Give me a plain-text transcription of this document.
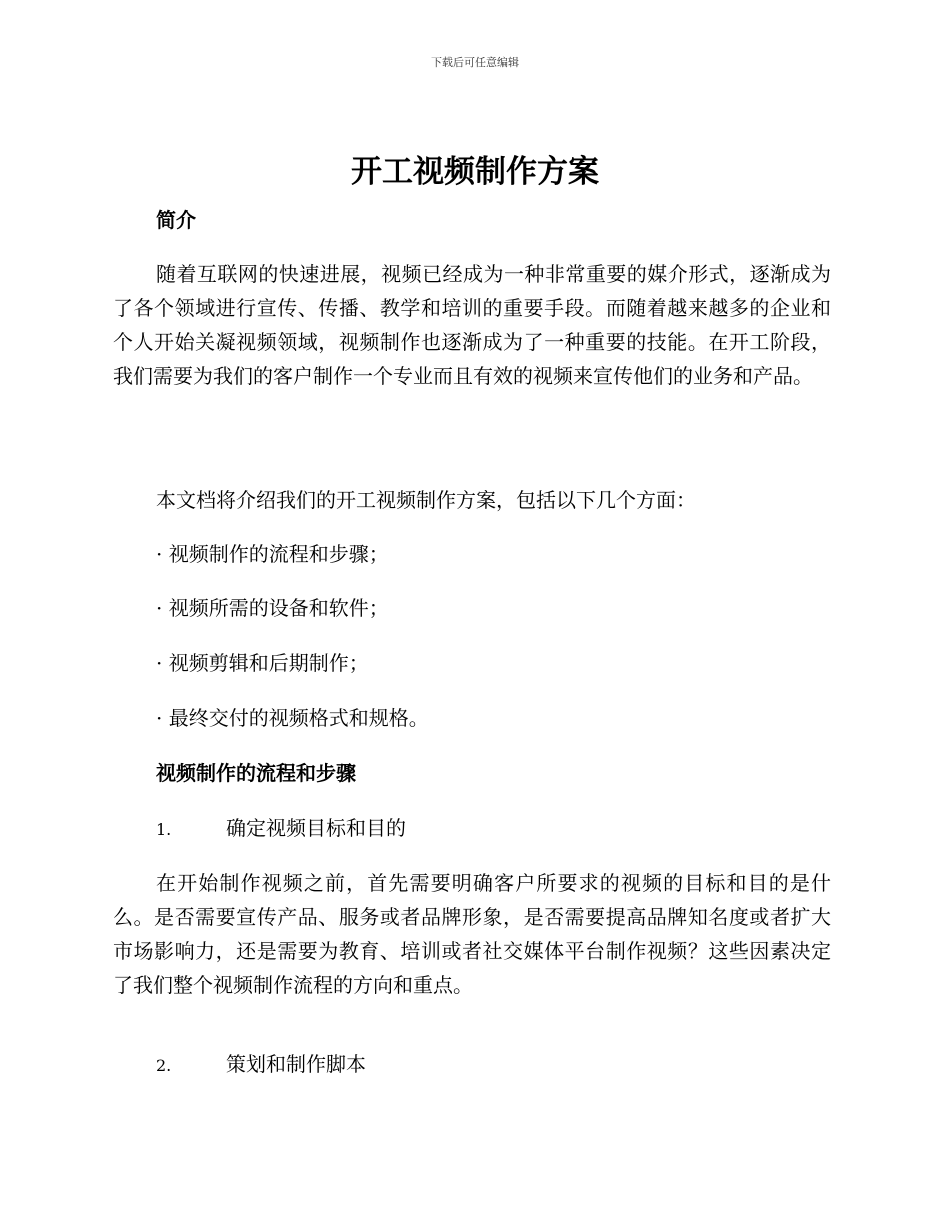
下载后可任意编辑
开工视频制作方案
简介

随着互联网的快速进展，视频已经成为一种非常重要的媒介形式，逐渐成为了各个领域进行宣传、传播、教学和培训的重要手段。而随着越来越多的企业和个人开始关凝视频领域，视频制作也逐渐成为了一种重要的技能。在开工阶段，我们需要为我们的客户制作一个专业而且有效的视频来宣传他们的业务和产品。

本文档将介绍我们的开工视频制作方案，包括以下几个方面：
· 视频制作的流程和步骤；
· 视频所需的设备和软件；
· 视频剪辑和后期制作；
· 最终交付的视频格式和规格。
视频制作的流程和步骤
1.	确定视频目标和目的

在开始制作视频之前，首先需要明确客户所要求的视频的目标和目的是什么。是否需要宣传产品、服务或者品牌形象，是否需要提高品牌知名度或者扩大市场影响力，还是需要为教育、培训或者社交媒体平台制作视频？这些因素决定了我们整个视频制作流程的方向和重点。

2.	策划和制作脚本
